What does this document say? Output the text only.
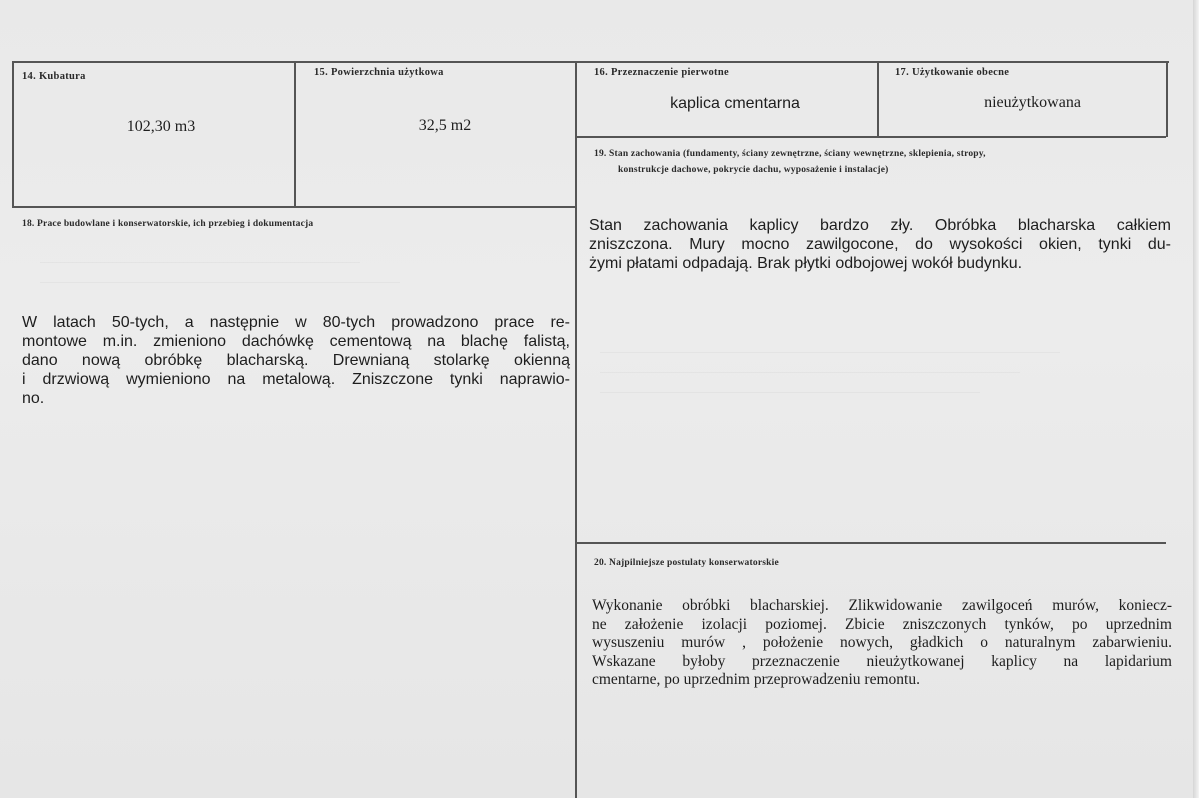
14. Kubatura
102,30 m3
15. Powierzchnia użytkowa
32,5 m2
16. Przeznaczenie pierwotne
kaplica cmentarna
17. Użytkowanie obecne
nieużytkowana
18. Prace budowlane i konserwatorskie, ich przebieg i dokumentacja
W latach 50-tych, a następnie w 80-tych prowadzono prace re-
montowe m.in. zmieniono dachówkę cementową na blachę falistą,
dano nową obróbkę blacharską. Drewnianą stolarkę okienną
i drzwiową wymieniono na metalową. Zniszczone tynki naprawio-
no.
19. Stan zachowania (fundamenty, ściany zewnętrzne, ściany wewnętrzne, sklepienia, stropy,
konstrukcje dachowe, pokrycie dachu, wyposażenie i instalacje)
Stan zachowania kaplicy bardzo zły. Obróbka blacharska całkiem
zniszczona. Mury mocno zawilgocone, do wysokości okien, tynki du-
żymi płatami odpadają. Brak płytki odbojowej wokół budynku.
20. Najpilniejsze postulaty konserwatorskie
Wykonanie obróbki blacharskiej. Zlikwidowanie zawilgoceń murów, koniecz-
ne założenie izolacji poziomej. Zbicie zniszczonych tynków, po uprzednim
wysuszeniu murów , położenie nowych, gładkich o naturalnym zabarwieniu.
Wskazane byłoby przeznaczenie nieużytkowanej kaplicy na lapidarium
cmentarne, po uprzednim przeprowadzeniu remontu.
